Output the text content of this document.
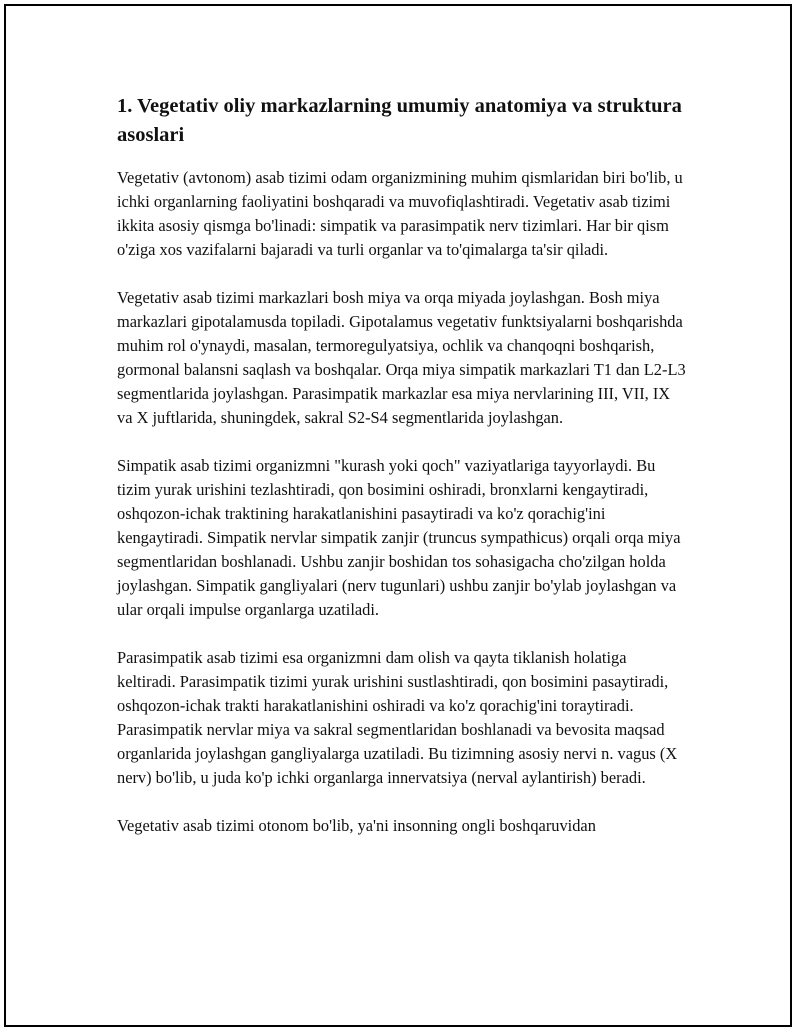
1. Vegetativ oliy markazlarning umumiy anatomiya va struktura asoslari

Vegetativ (avtonom) asab tizimi odam organizmining muhim qismlaridan biri bo'lib, u ichki organlarning faoliyatini boshqaradi va muvofiqlashtiradi. Vegetativ asab tizimi ikkita asosiy qismga bo'linadi: simpatik va parasimpatik nerv tizimlari. Har bir qism o'ziga xos vazifalarni bajaradi va turli organlar va to'qimalarga ta'sir qiladi.

Vegetativ asab tizimi markazlari bosh miya va orqa miyada joylashgan. Bosh miya markazlari gipotalamusda topiladi. Gipotalamus vegetativ funktsiyalarni boshqarishda muhim rol o'ynaydi, masalan, termoregulyatsiya, ochlik va chanqoqni boshqarish, gormonal balansni saqlash va boshqalar. Orqa miya simpatik markazlari T1 dan L2-L3 segmentlarida joylashgan. Parasimpatik markazlar esa miya nervlarining III, VII, IX va X juftlarida, shuningdek, sakral S2-S4 segmentlarida joylashgan.

Simpatik asab tizimi organizmni "kurash yoki qoch" vaziyatlariga tayyorlaydi. Bu tizim yurak urishini tezlashtiradi, qon bosimini oshiradi, bronxlarni kengaytiradi, oshqozon-ichak traktining harakatlanishini pasaytiradi va ko'z qorachig'ini kengaytiradi. Simpatik nervlar simpatik zanjir (truncus sympathicus) orqali orqa miya segmentlaridan boshlanadi. Ushbu zanjir boshidan tos sohasigacha cho'zilgan holda joylashgan. Simpatik gangliyalari (nerv tugunlari) ushbu zanjir bo'ylab joylashgan va ular orqali impulse organlarga uzatiladi.

Parasimpatik asab tizimi esa organizmni dam olish va qayta tiklanish holatiga keltiradi. Parasimpatik tizimi yurak urishini sustlashtiradi, qon bosimini pasaytiradi, oshqozon-ichak trakti harakatlanishini oshiradi va ko'z qorachig'ini toraytiradi. Parasimpatik nervlar miya va sakral segmentlaridan boshlanadi va bevosita maqsad organlarida joylashgan gangliyalarga uzatiladi. Bu tizimning asosiy nervi n. vagus (X nerv) bo'lib, u juda ko'p ichki organlarga innervatsiya (nerval aylantirish) beradi.

Vegetativ asab tizimi otonom bo'lib, ya'ni insonning ongli boshqaruvidan
